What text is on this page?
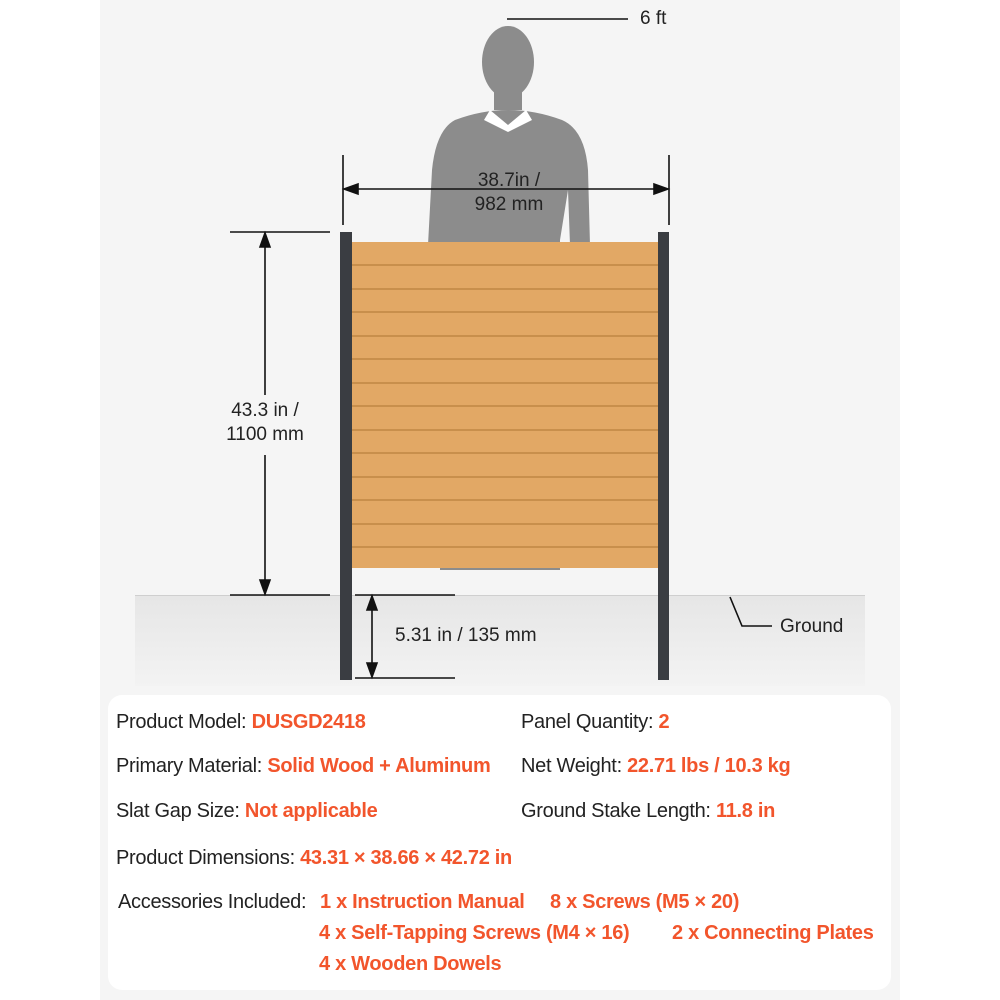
6 ft
38.7in /
982 mm
43.3 in /
1100 mm
5.31 in / 135 mm	Ground
Product Model: DUSGD2418	Panel Quantity: 2
Primary Material: Solid Wood + Aluminum Net Weight: 22.71 lbs / 10.3 kg
Slat Gap Size: Not applicable	Ground Stake Length: 11.8 in
Product Dimensions: 43.31 × 38.66 × 42.72 in
Accessories Included: 1 x Instruction Manual 8 x Screws (M5 × 20)
4 x Self-Tapping Screws (M4 × 16) 2 x Connecting Plates
4 x Wooden Dowels
